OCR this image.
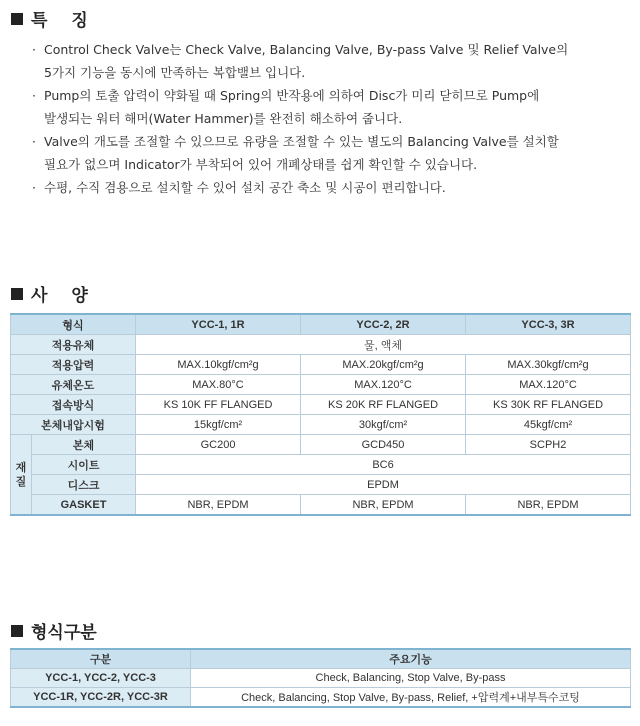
특 징
· Control Check Valve는 Check Valve, Balancing Valve, By-pass Valve 및 Relief Valve의
5가지 기능을 동시에 만족하는 복합밸브 입니다.
· Pump의 토출 압력이 약화될 때 Spring의 반작용에 의하여 Disc가 미리 닫히므로 Pump에
발생되는 워터 해머(Water Hammer)를 완전히 해소하여 줍니다.
· Valve의 개도를 조절할 수 있으므로 유량을 조절할 수 있는 별도의 Balancing Valve를 설치할
필요가 없으며 Indicator가 부착되어 있어 개폐상태를 쉽게 확인할 수 있습니다.
· 수평, 수직 겸용으로 설치할 수 있어 설치 공간 축소 및 시공이 편리합니다.
사 양
형식		YCC-1, 1R	YCC-2, 2R	YCC-3, 3R
적용유체		물, 액체		
적용압력		MAX.10kgf/cm²g	MAX.20kgf/cm²g	MAX.30kgf/cm²g
유체온도		MAX.80°C	MAX.120°C	MAX.120°C
접속방식		KS 10K FF FLANGED	KS 20K RF FLANGED	KS 30K RF FLANGED
본체내압시험		15kgf/cm²	30kgf/cm²	45kgf/cm²
재
질	본체	GC200	GCD450	SCPH2
	시이트	BC6		
	디스크	EPDM		
	GASKET	NBR, EPDM	NBR, EPDM	NBR, EPDM
형식구분
구분	주요기능
YCC-1, YCC-2, YCC-3	Check, Balancing, Stop Valve, By-pass
YCC-1R, YCC-2R, YCC-3R	Check, Balancing, Stop Valve, By-pass, Relief, +압력계+내부특수코팅
